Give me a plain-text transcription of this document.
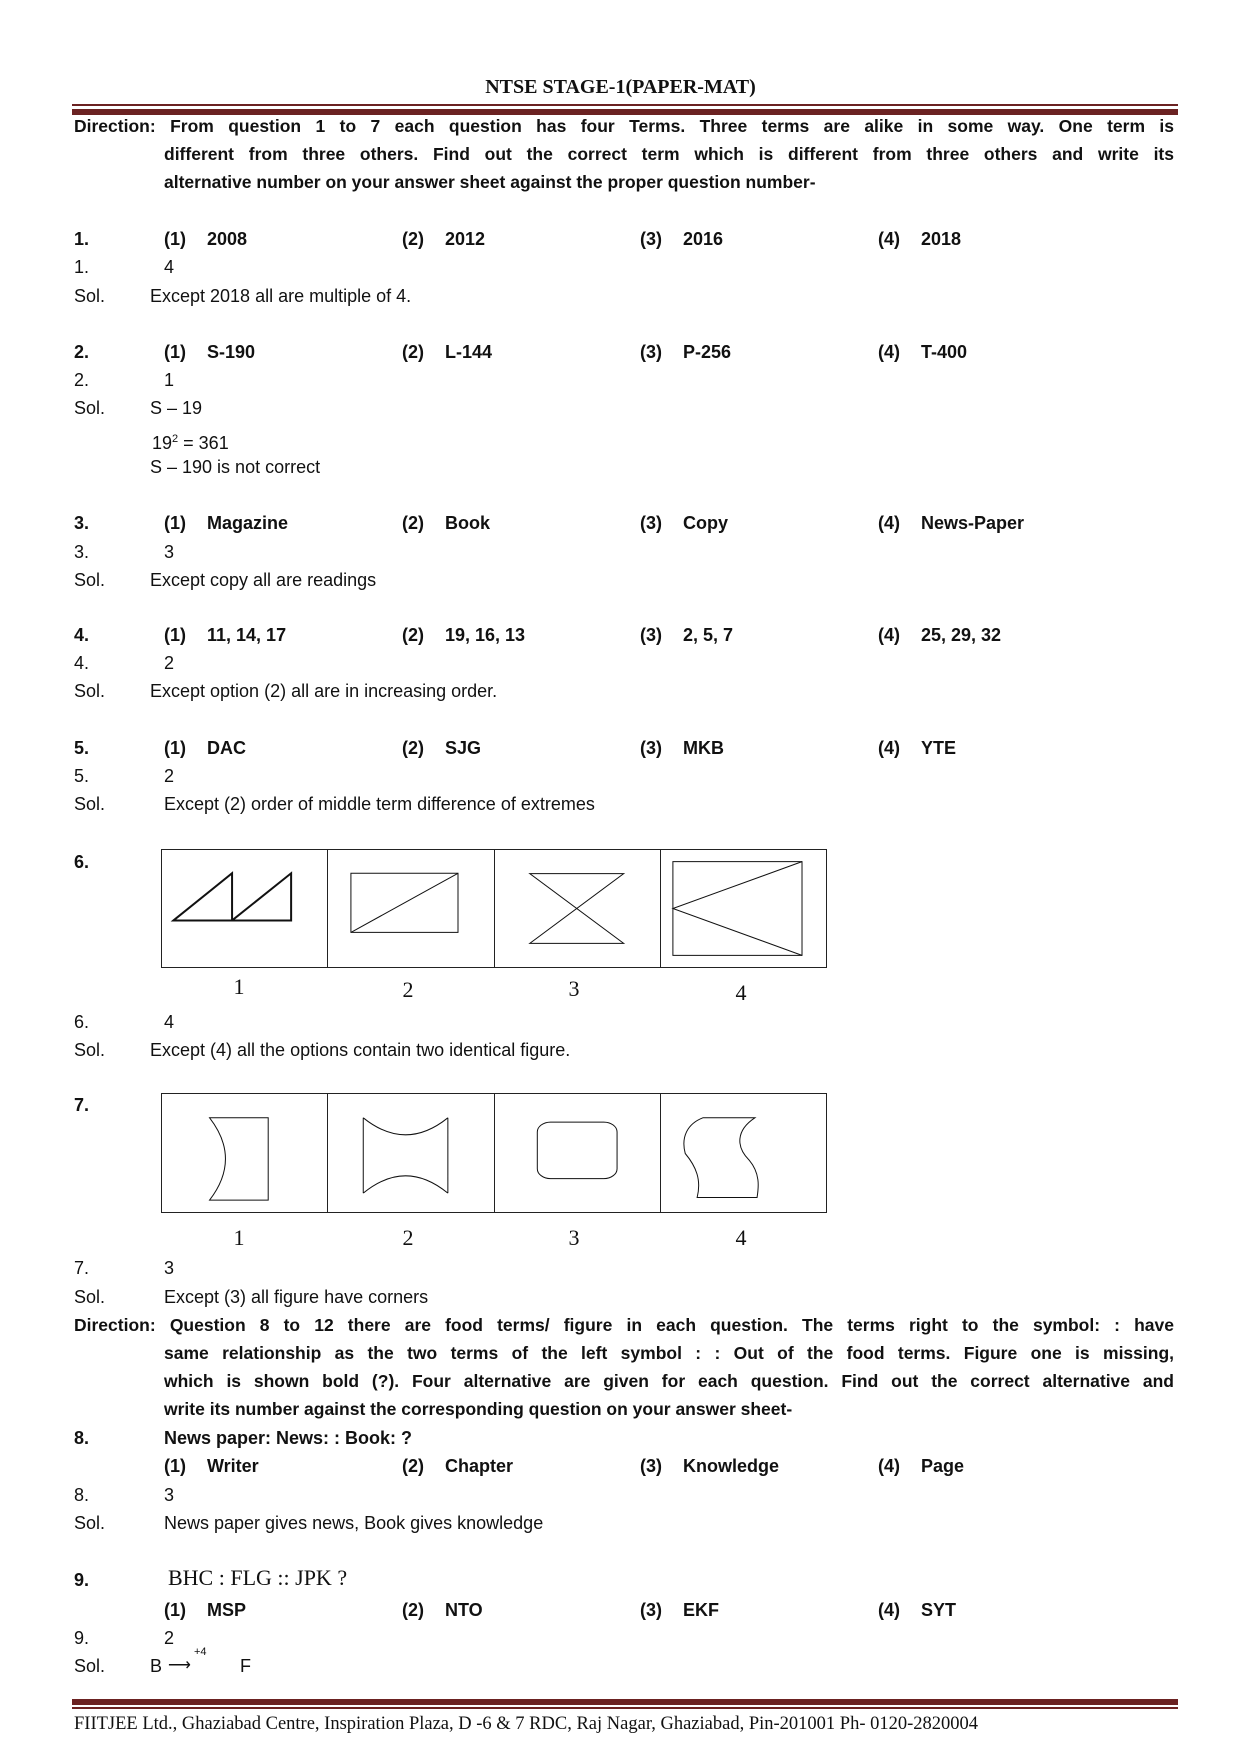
NTSE STAGE-1(PAPER-MAT)
Direction: From question 1 to 7 each question has four Terms. Three terms are alike in some way. One term is
different from three others. Find out the correct term which is different from three others and write its
alternative number on your answer sheet against the proper question number-
1.	(1) 2008	(2) 2012	(3) 2016	(4) 2018
1.	4
Sol. Except 2018 all are multiple of 4.
2.	(1) S-190	(2) L-144	(3) P-256	(4) T-400
2.	1
Sol. S – 19
$19^2 = 361$
S – 190 is not correct
3.	(1) Magazine	(2) Book	(3) Copy	(4) News-Paper
3.	3
Sol. Except copy all are readings
4.	(1) 11, 14, 17	(2) 19, 16, 13	(3) 2, 5, 7	(4) 25, 29, 32
4.	2
Sol. Except option (2) all are in increasing order.
5.	(1) DAC	(2) SJG	(3) MKB	(4) YTE
5.	2
Sol.	Except (2) order of middle term difference of extremes
6.
1	2	3	4
6.	4
Sol. Except (4) all the options contain two identical figure.
7.
1	2	3	4
7.	3
Sol.	Except (3) all figure have corners
Direction: Question 8 to 12 there are food terms/ figure in each question. The terms right to the symbol: : have
same relationship as the two terms of the left symbol : : Out of the food terms. Figure one is missing,
which is shown bold (?). Four alternative are given for each question. Find out the correct alternative and
write its number against the corresponding question on your answer sheet-
8.	News paper: News: : Book: ?
(1) Writer	(2) Chapter	(3) Knowledge	(4) Page
8.	3
Sol.	News paper gives news, Book gives knowledge
9.	BHC : FLG :: JPK ?
(1) MSP	(2) NTO	(3) EKF	(4) SYT
9.	2
Sol. B
+4
⟶	F
FIITJEE Ltd., Ghaziabad Centre, Inspiration Plaza, D -6 & 7 RDC, Raj Nagar, Ghaziabad, Pin-201001 Ph- 0120-2820004
